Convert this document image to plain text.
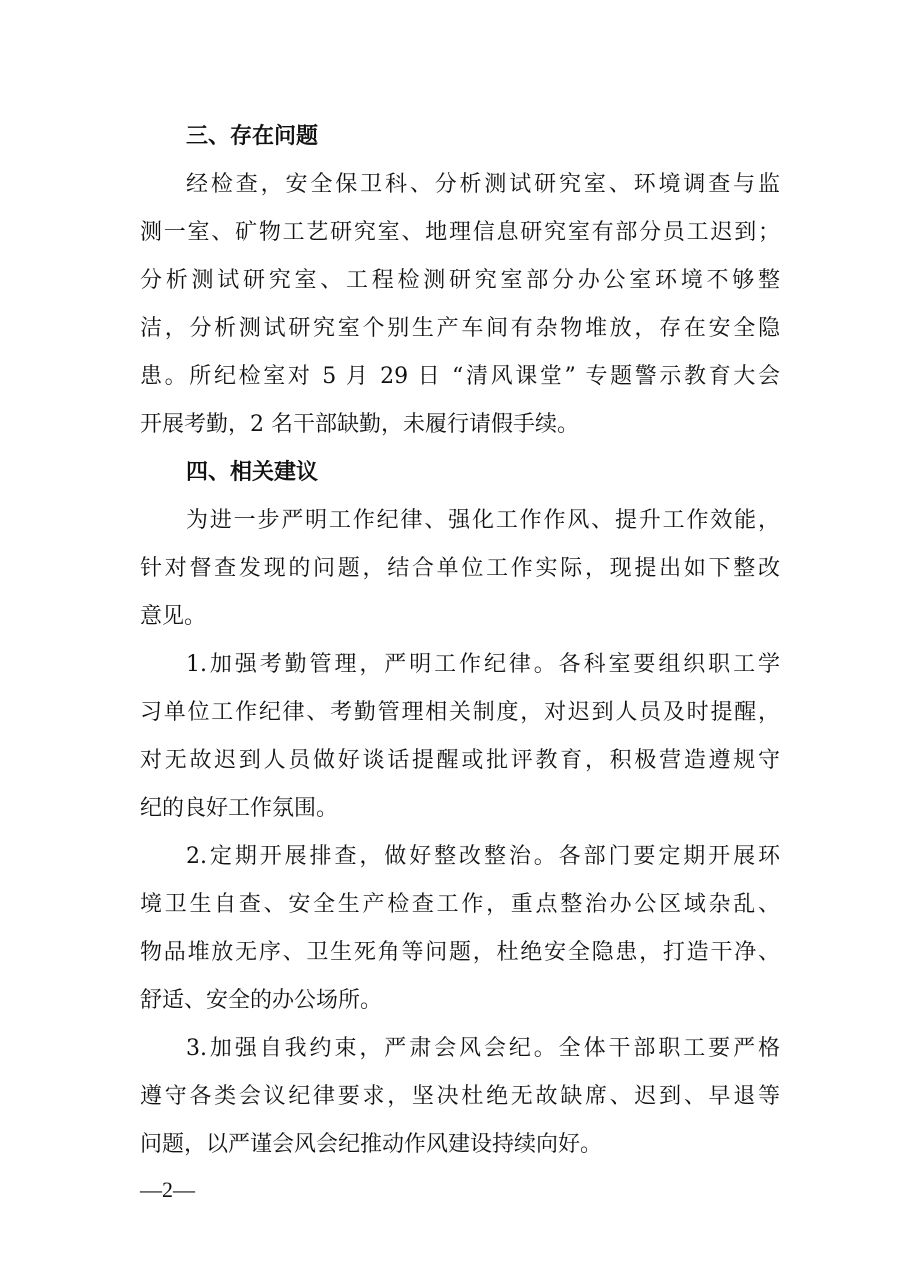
三、存在问题
经检查，安全保卫科、分析测试研究室、环境调查与监
测一室、矿物工艺研究室、地理信息研究室有部分员工迟到；
分析测试研究室、工程检测研究室部分办公室环境不够整
洁，分析测试研究室个别生产车间有杂物堆放，存在安全隐
患。所纪检室对 5 月 29 日 “清风课堂” 专题警示教育大会
开展考勤，2 名干部缺勤，未履行请假手续。
四、相关建议
为进一步严明工作纪律、强化工作作风、提升工作效能，
针对督查发现的问题，结合单位工作实际，现提出如下整改
意见。
1.加强考勤管理，严明工作纪律。各科室要组织职工学
习单位工作纪律、考勤管理相关制度，对迟到人员及时提醒，
对无故迟到人员做好谈话提醒或批评教育，积极营造遵规守
纪的良好工作氛围。
2.定期开展排查，做好整改整治。各部门要定期开展环
境卫生自查、安全生产检查工作，重点整治办公区域杂乱、
物品堆放无序、卫生死角等问题，杜绝安全隐患，打造干净、
舒适、安全的办公场所。
3.加强自我约束，严肃会风会纪。全体干部职工要严格
遵守各类会议纪律要求，坚决杜绝无故缺席、迟到、早退等
问题，以严谨会风会纪推动作风建设持续向好。
—2—
